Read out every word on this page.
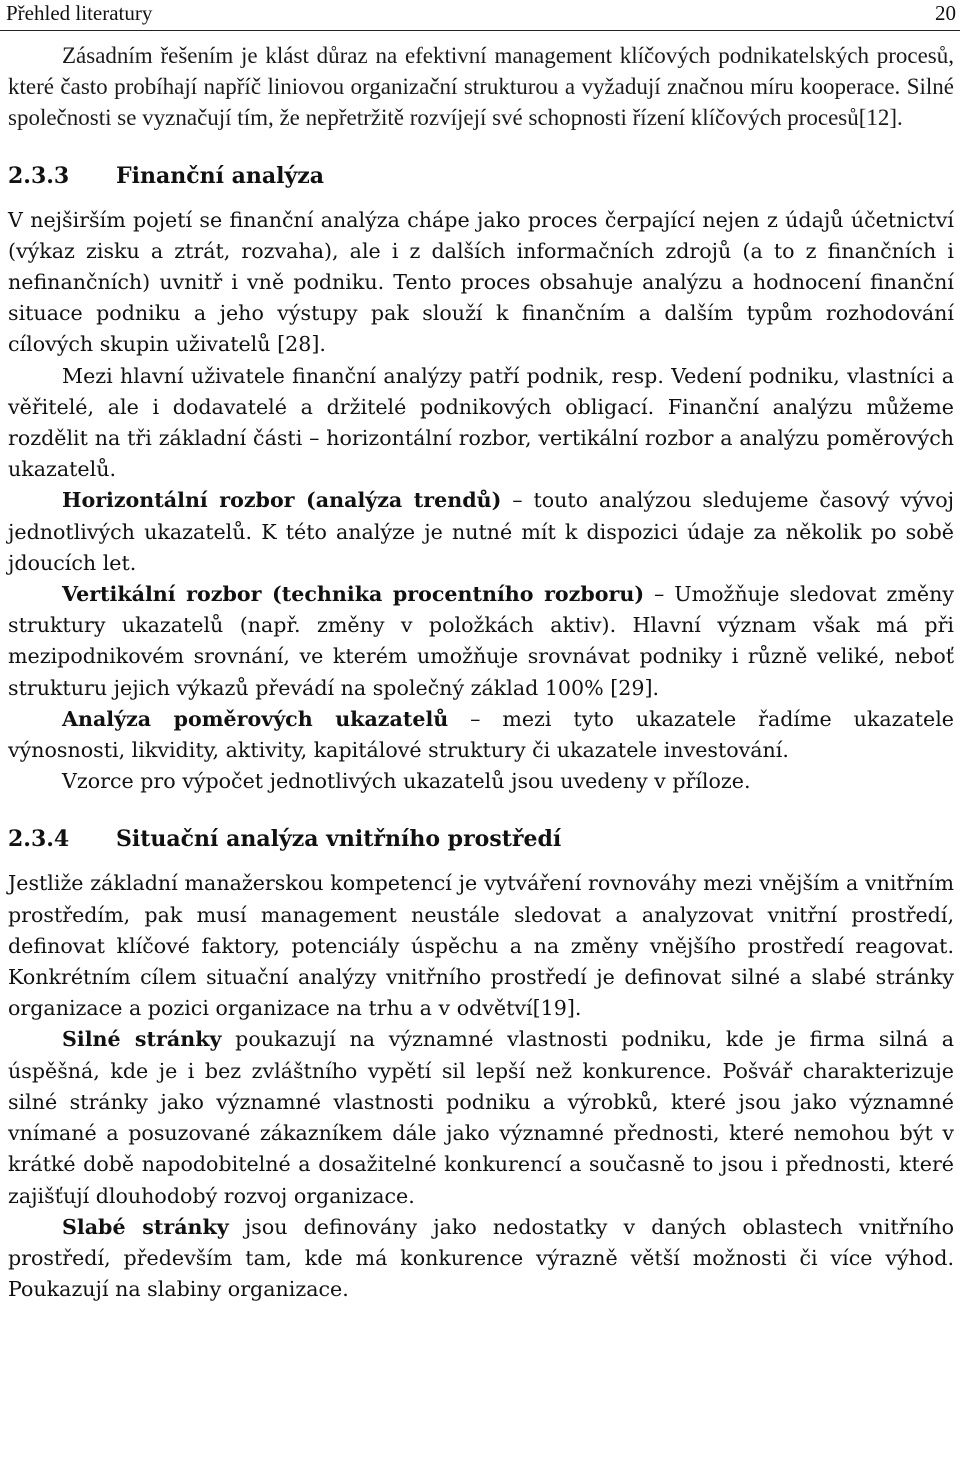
Přehled literatury	20

Zásadním řešením je klást důraz na efektivní management klíčových podnikatelských procesů, které často probíhají napříč liniovou organizační strukturou a vyžadují značnou míru kooperace. Silné společnosti se vyznačují tím, že nepřetržitě rozvíjejí své schopnosti řízení klíčových procesů[12].

2.3.3 Finanční analýza

V nejširším pojetí se finanční analýza chápe jako proces čerpající nejen z údajů účetnictví (výkaz zisku a ztrát, rozvaha), ale i z dalších informačních zdrojů (a to z finančních i nefinančních) uvnitř i vně podniku. Tento proces obsahuje analýzu a hodnocení finanční situace podniku a jeho výstupy pak slouží k finančním a dalším typům rozhodování cílových skupin uživatelů [28].

Mezi hlavní uživatele finanční analýzy patří podnik, resp. Vedení podniku, vlastníci a věřitelé, ale i dodavatelé a držitelé podnikových obligací. Finanční analýzu můžeme rozdělit na tři základní části – horizontální rozbor, vertikální rozbor a analýzu poměrových ukazatelů.

Horizontální rozbor (analýza trendů) – touto analýzou sledujeme časový vývoj jednotlivých ukazatelů. K této analýze je nutné mít k dispozici údaje za několik po sobě jdoucích let.

Vertikální rozbor (technika procentního rozboru) – Umožňuje sledovat změny struktury ukazatelů (např. změny v položkách aktiv). Hlavní význam však má při mezipodnikovém srovnání, ve kterém umožňuje srovnávat podniky i různě veliké, neboť strukturu jejich výkazů převádí na společný základ 100% [29].

Analýza poměrových ukazatelů – mezi tyto ukazatele řadíme ukazatele výnosnosti, likvidity, aktivity, kapitálové struktury či ukazatele investování.

Vzorce pro výpočet jednotlivých ukazatelů jsou uvedeny v příloze.

2.3.4 Situační analýza vnitřního prostředí

Jestliže základní manažerskou kompetencí je vytváření rovnováhy mezi vnějším a vnitřním prostředím, pak musí management neustále sledovat a analyzovat vnitřní prostředí, definovat klíčové faktory, potenciály úspěchu a na změny vnějšího prostředí reagovat. Konkrétním cílem situační analýzy vnitřního prostředí je definovat silné a slabé stránky organizace a pozici organizace na trhu a v odvětví[19].

Silné stránky poukazují na významné vlastnosti podniku, kde je firma silná a úspěšná, kde je i bez zvláštního vypětí sil lepší než konkurence. Pošvář charakterizuje silné stránky jako významné vlastnosti podniku a výrobků, které jsou jako významné vnímané a posuzované zákazníkem dále jako významné přednosti, které nemohou být v krátké době napodobitelné a dosažitelné konkurencí a současně to jsou i přednosti, které zajišťují dlouhodobý rozvoj organizace.

Slabé stránky jsou definovány jako nedostatky v daných oblastech vnitřního prostředí, především tam, kde má konkurence výrazně větší možnosti či více výhod. Poukazují na slabiny organizace.
